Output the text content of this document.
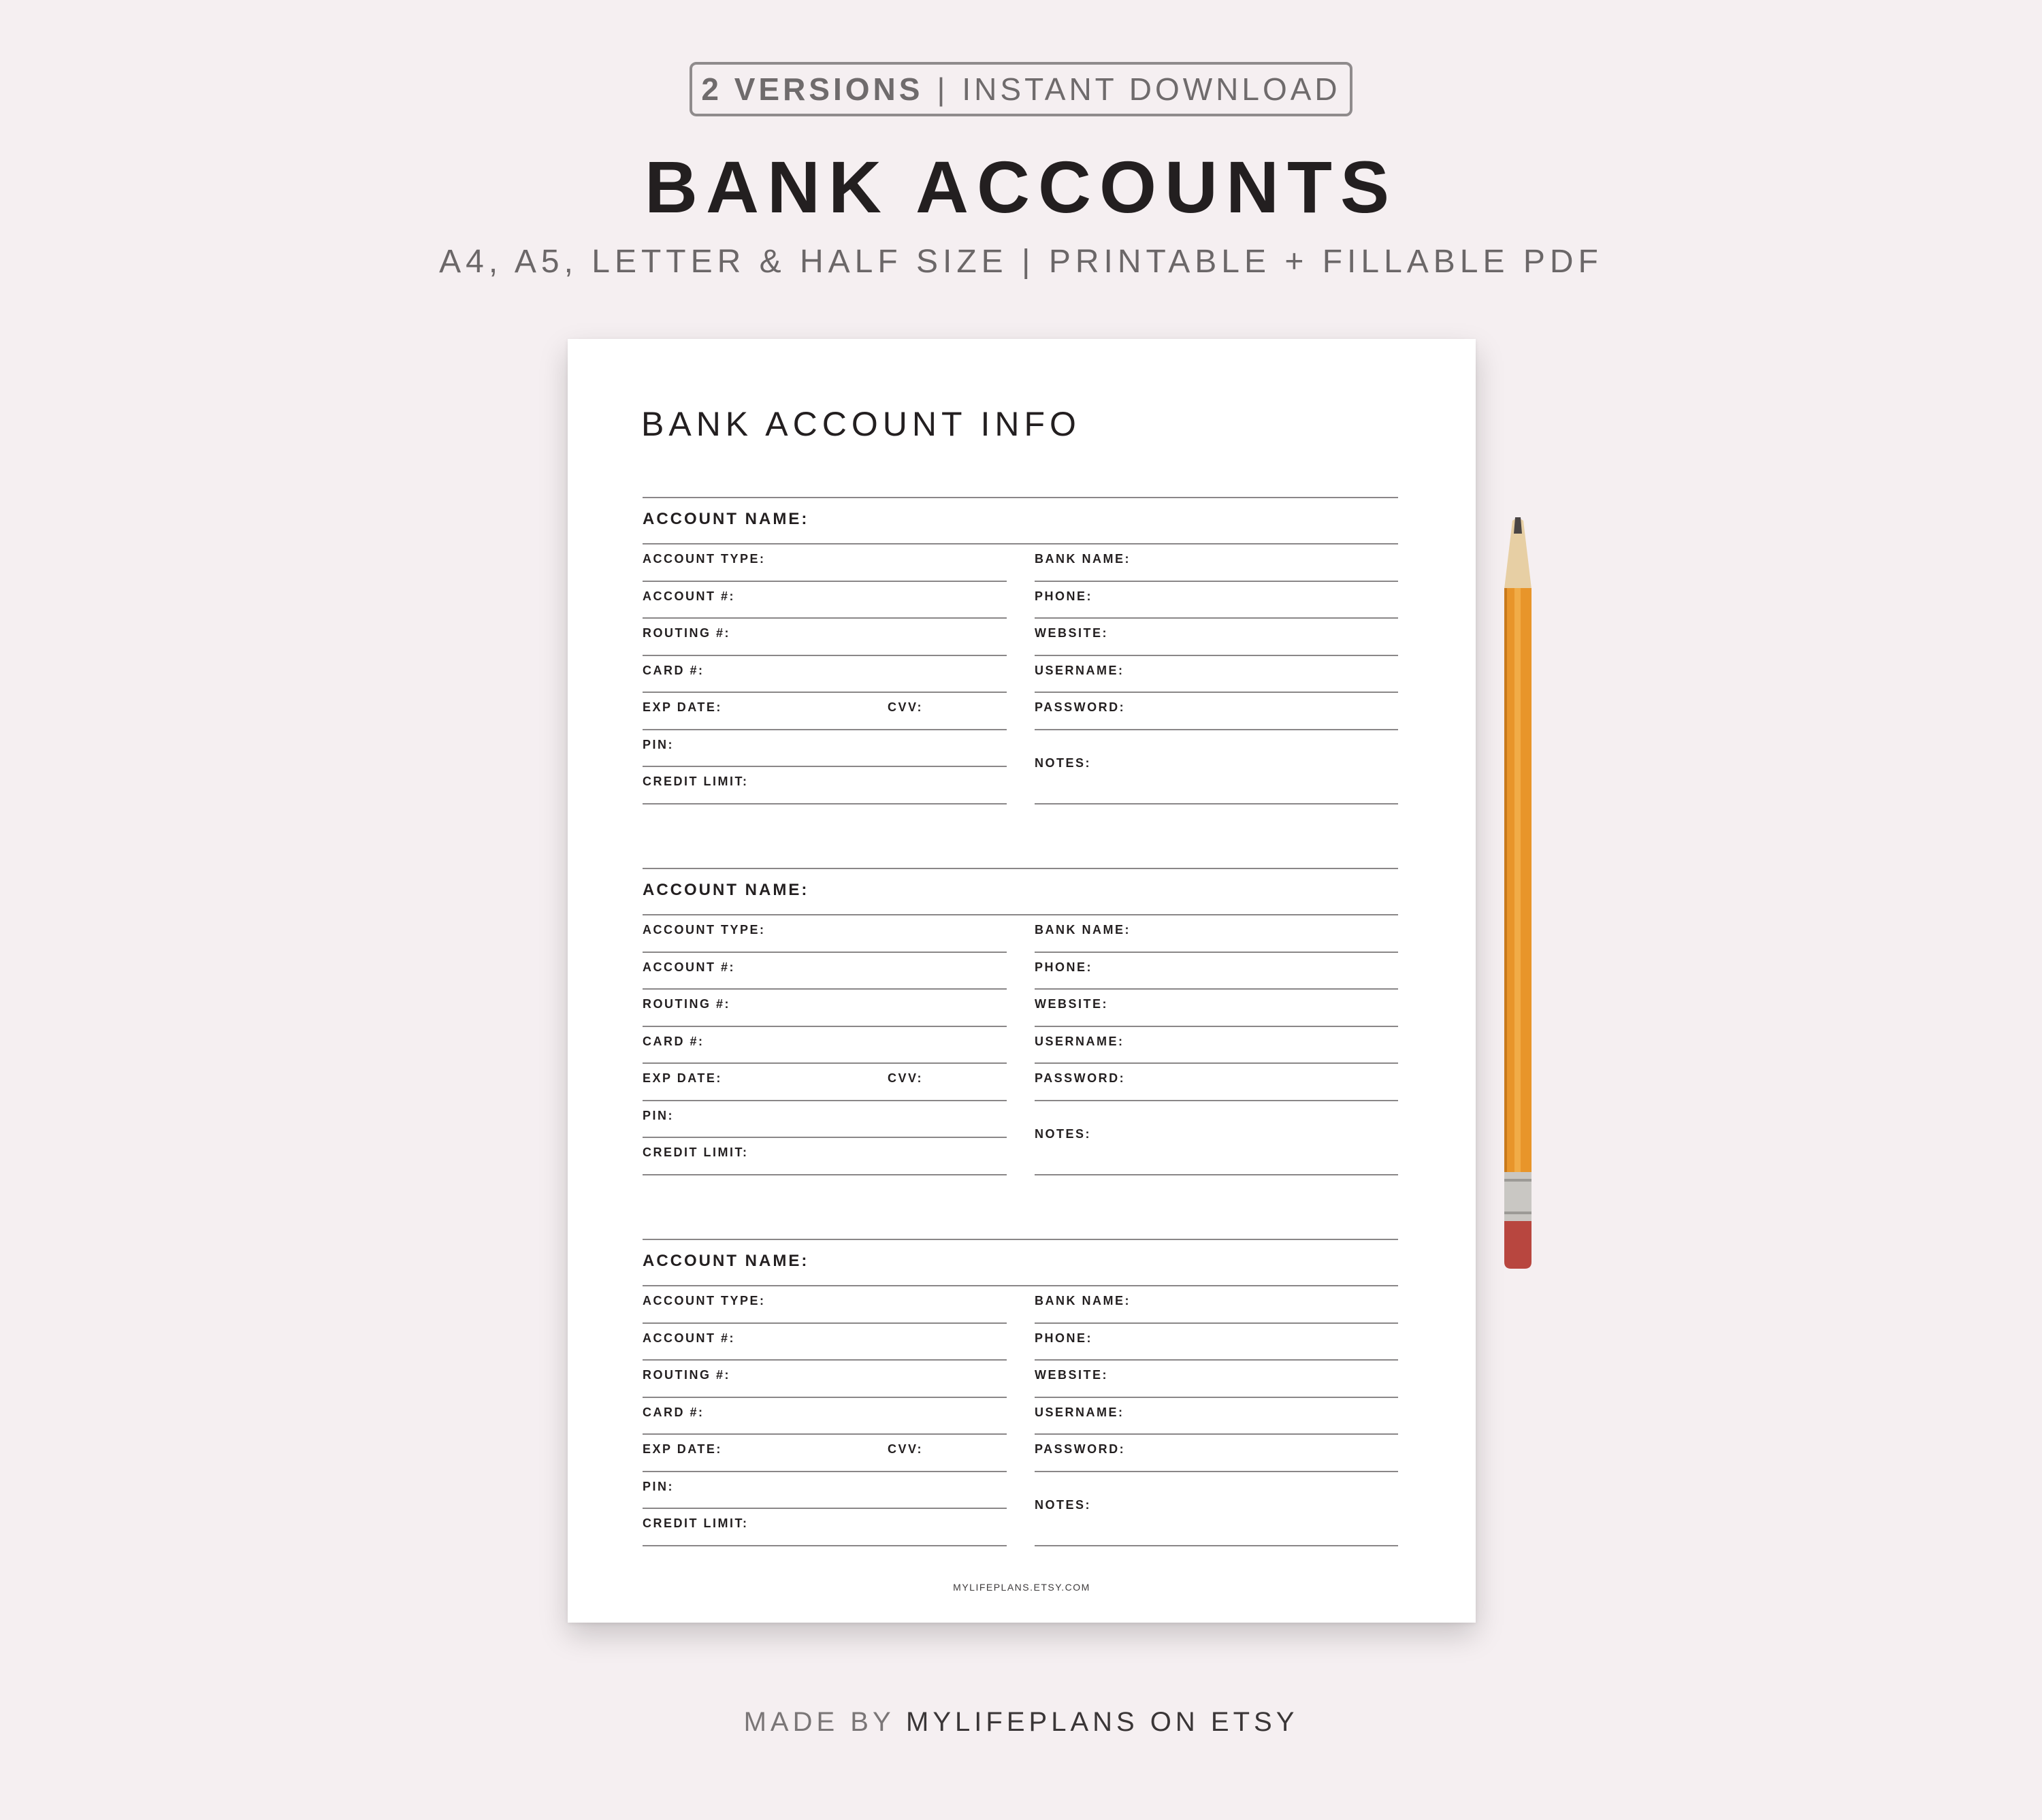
2 VERSIONS | INSTANT DOWNLOAD
BANK ACCOUNTS
A4, A5, LETTER & HALF SIZE | PRINTABLE + FILLABLE PDF
BANK ACCOUNT INFO
ACCOUNT NAME:
ACCOUNT TYPE:
ACCOUNT #:
ROUTING #:
CARD #:
EXP DATE:
PIN:
CREDIT LIMIT:
CVV:
BANK NAME:
PHONE:
WEBSITE:
USERNAME:
PASSWORD:
NOTES:
ACCOUNT NAME:
ACCOUNT TYPE:
ACCOUNT #:
ROUTING #:
CARD #:
EXP DATE:
PIN:
CREDIT LIMIT:
CVV:
BANK NAME:
PHONE:
WEBSITE:
USERNAME:
PASSWORD:
NOTES:
ACCOUNT NAME:
ACCOUNT TYPE:
ACCOUNT #:
ROUTING #:
CARD #:
EXP DATE:
PIN:
CREDIT LIMIT:
CVV:
BANK NAME:
PHONE:
WEBSITE:
USERNAME:
PASSWORD:
NOTES:
MYLIFEPLANS.ETSY.COM
MADE BY MYLIFEPLANS ON ETSY
